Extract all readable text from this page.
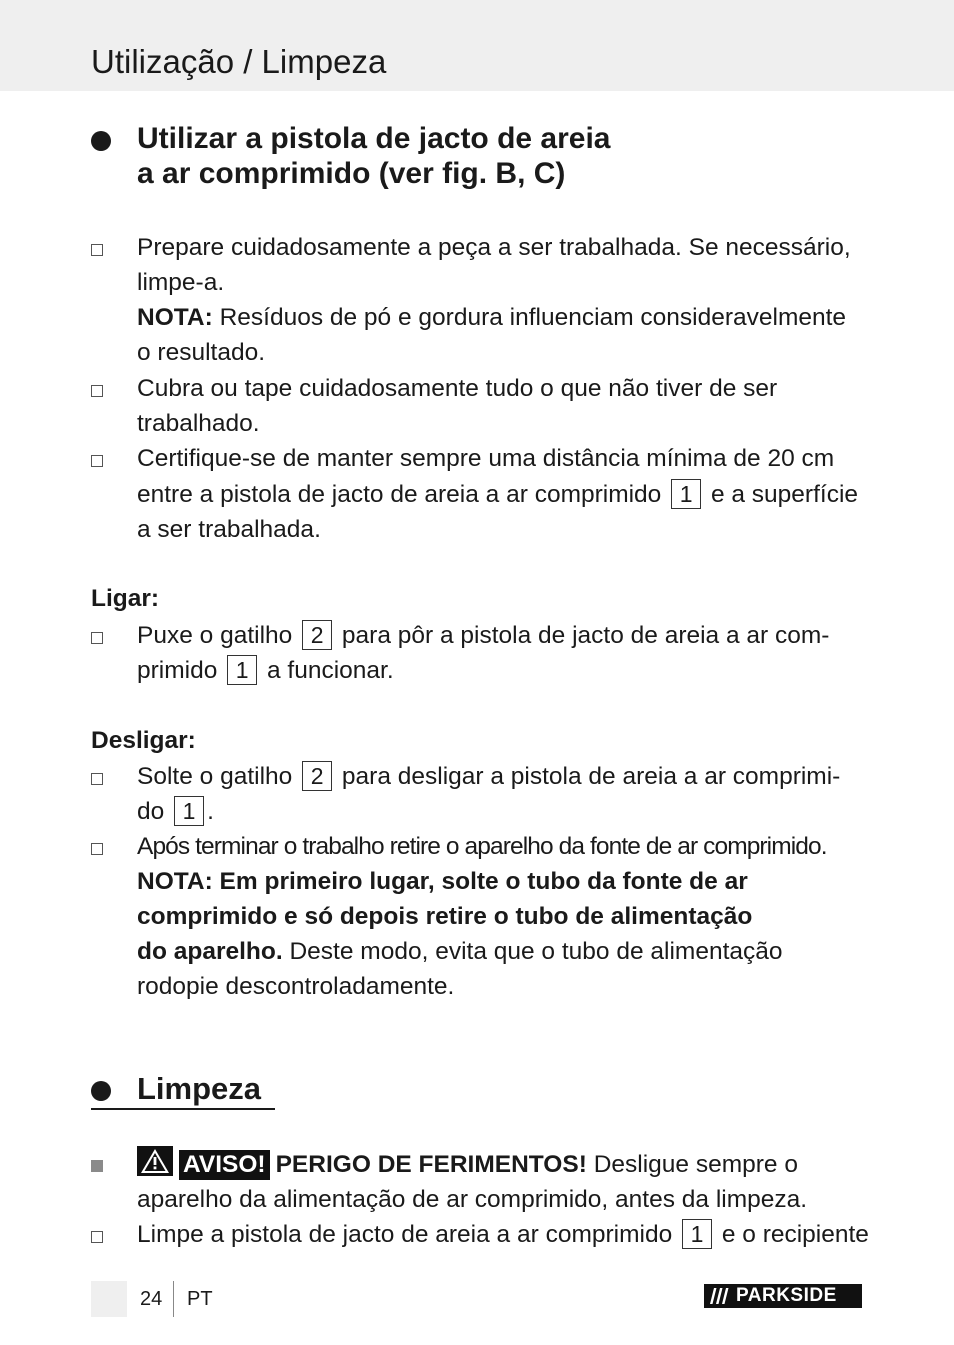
Utilização / Limpeza
Utilizar a pistola de jacto de areia
a ar comprimido (ver fig. B, C)
Prepare cuidadosamente a peça a ser trabalhada. Se necessário,
limpe-a.
NOTA: Resíduos de pó e gordura influenciam consideravelmente
o resultado.
Cubra ou tape cuidadosamente tudo o que não tiver de ser
trabalhado.
Certifique-se de manter sempre uma distância mínima de 20 cm
entre a pistola de jacto de areia a ar comprimido 1 e a superfície
a ser trabalhada.
Ligar:
Puxe o gatilho 2 para pôr a pistola de jacto de areia a ar com-
primido 1 a funcionar.
Desligar:
Solte o gatilho 2 para desligar a pistola de areia a ar comprimi-
do 1 .
Após terminar o trabalho retire o aparelho da fonte de ar comprimido.
NOTA: Em primeiro lugar, solte o tubo da fonte de ar
comprimido e só depois retire o tubo de alimentação
do aparelho. Deste modo, evita que o tubo de alimentação
rodopie descontroladamente.
Limpeza
AVISO! PERIGO DE FERIMENTOS! Desligue sempre o
aparelho da alimentação de ar comprimido, antes da limpeza.
Limpe a pistola de jacto de areia a ar comprimido 1 e o recipiente
24 PT	PARKSIDE
